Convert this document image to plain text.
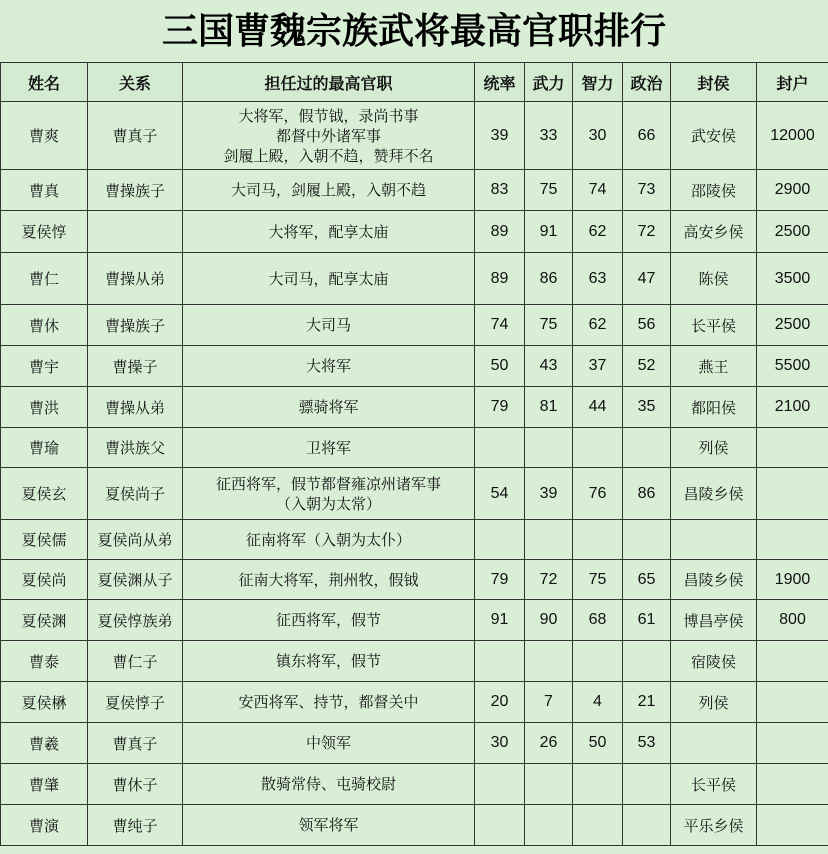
三国曹魏宗族武将最高官职排行
姓名	关系	担任过的最高官职	统率	武力	智力	政治	封侯	封户
曹爽	曹真子	大将军，假节钺，录尚书事
都督中外诸军事
剑履上殿，入朝不趋，赞拜不名	39	33	30	66	武安侯	12000
曹真	曹操族子	大司马，剑履上殿，入朝不趋	83	75	74	73	邵陵侯	2900
夏侯惇		大将军，配享太庙	89	91	62	72	高安乡侯	2500
曹仁	曹操从弟	大司马，配享太庙	89	86	63	47	陈侯	3500
曹休	曹操族子	大司马	74	75	62	56	长平侯	2500
曹宇	曹操子	大将军	50	43	37	52	燕王	5500
曹洪	曹操从弟	骠骑将军	79	81	44	35	都阳侯	2100
曹瑜	曹洪族父	卫将军					列侯	
夏侯玄	夏侯尚子	征西将军，假节都督雍凉州诸军事
（入朝为太常）	54	39	76	86	昌陵乡侯	
夏侯儒	夏侯尚从弟	征南将军（入朝为太仆）						

夏侯尚	夏侯渊从子	征南大将军，荆州牧，假钺	79	72	75	65	昌陵乡侯	1900
夏侯渊	夏侯惇族弟	征西将军，假节	91	90	68	61	博昌亭侯	800
曹泰	曹仁子	镇东将军，假节					宿陵侯	
夏侯楙	夏侯惇子	安西将军、持节，都督关中	20	7	4	21	列侯	
曹羲	曹真子	中领军	30	26	50	53		
曹肇	曹休子	散骑常侍、屯骑校尉					长平侯	
曹演	曹纯子	领军将军					平乐乡侯	
